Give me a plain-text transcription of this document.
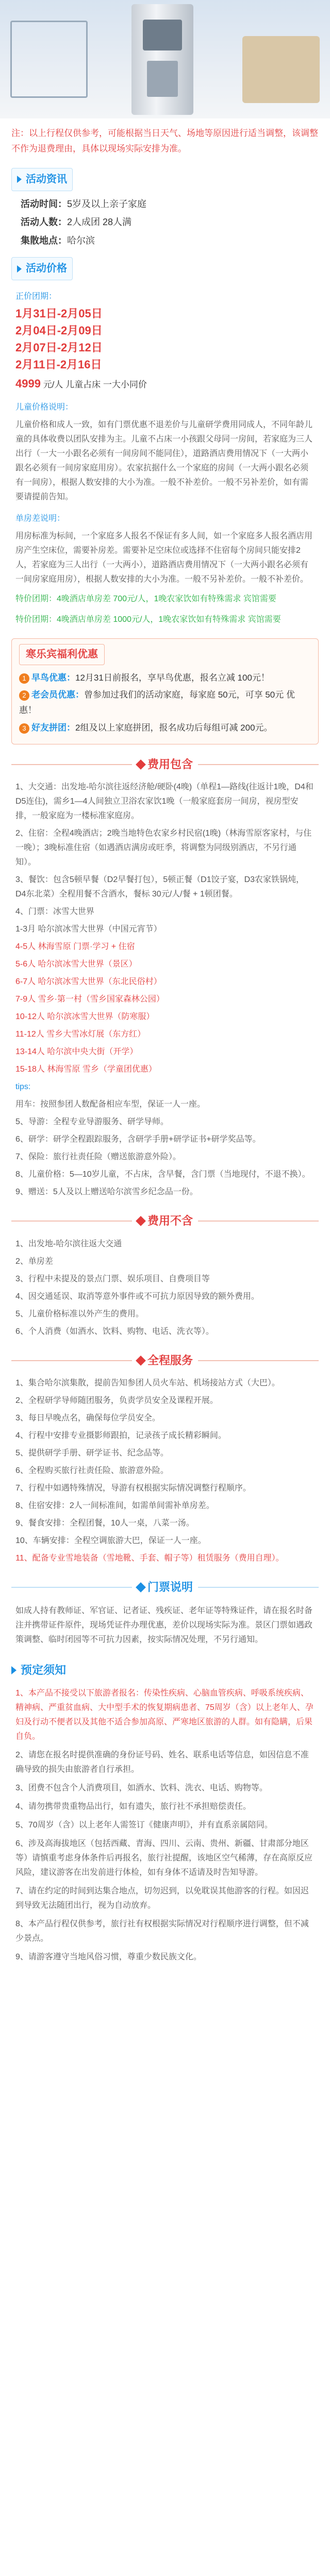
注：以上行程仅供参考，可能根据当日天气、场地等原因进行适当调整，该调整不作为退费理由，具体以现场实际安排为准。
活动资讯
活动时间：5岁及以上亲子家庭
活动人数：2人成团 28人满
集散地点：哈尔滨
活动价格
正价团期：
1月31日-2月05日
2月04日-2月09日
2月07日-2月12日
2月11日-2月16日
4999 元/人 儿童占床 一大小同价
儿童价格说明：
儿童价格和成人一致，如有门票优惠不退差价与儿童研学费用同成人，不同年龄儿童的具体收费以团队安排为主。儿童不占床一小孩跟父母同一房间，若家庭为三人出行（一大一小跟名必须有一间房间不能同住），道路酒店费用情况下（一大两小跟名必须有一间房家庭用房）。农家抗据什么一个家庭的房间（一大两小跟名必须有一间房），根据人数安排的大小为准。一般不补差价。一般不另补差价，如有需要请提前告知。
单房差说明：
用房标准为标间，一个家庭多人报名不保证有多人间，如一个家庭多人报名酒店用房产生空床位，需要补房差。需要补足空床位或选择不住宿每个房间只能安排2人，若家庭为三人出行（一大两小），道路酒店费用情况下（一大两小跟名必须有一间房家庭用房），根据人数安排的大小为准。一般不另补差价。一般不补差价。
特价团期：4晚酒店单房差 700元/人，1晚农家饮如有特殊需求 宾馆需要
特价团期：4晚酒店单房差 1000元/人，1晚农家饮如有特殊需求 宾馆需要
寒乐宾福利优惠
1 早鸟优惠：12月31日前报名，享早鸟优惠，报名立减 100元！
2 老会员优惠：曾参加过我们的活动家庭，每家庭 50元，可享 50元 优惠！
3 好友拼团：2组及以上家庭拼团，报名成功后每组可减 200元。
费用包含

1、大交通：出发地-哈尔滨往返经济舱/硬卧(4晚)（单程1—路线(往返计1晚，D4和D5连住)，需乡1—4人间独立卫浴农家饮1晚（一般家庭套房一间房，视房型安排，一般家庭为一楼标准家庭房。

2、住宿：全程4晚酒店；2晚当地特色农家乡村民宿(1晚)（林海雪原客家村，与住一晚）；3晚标准住宿（如遇酒店满房或旺季，将调整为同级别酒店，不另行通知）。

3、餐饮：包含5顿早餐（D2早餐打包），5顿正餐（D1饺子宴，D3农家铁锅炖，D4东北菜）全程用餐不含酒水，餐标 30元/人/餐 + 1顿团餐。

4、门票：冰雪大世界

1-3月 哈尔滨冰雪大世界（中国元宵节）

4-5人 林海雪原 门票·学习 + 住宿

5-6人 哈尔滨冰雪大世界（景区）

6-7人 哈尔滨冰雪大世界（东北民俗村）

7-9人 雪乡·第一村（雪乡国家森林公园）

10-12人 哈尔滨冰雪大世界（防寒服）

11-12人 雪乡大雪冰灯展（东方红）

13-14人 哈尔滨中央大街（开学）

15-18人 林海雪原 雪乡（学童团优惠）

tips:

用车：按照参团人数配备相应车型，保证一人一座。

5、导游：全程专业导游服务、研学导师。

6、研学：研学全程跟踪服务，含研学手册+研学证书+研学奖品等。

7、保险：旅行社责任险（赠送旅游意外险）。

8、儿童价格：5—10岁儿童，不占床，含早餐，含门票（当地现付，不退不换）。

9、赠送：5人及以上赠送哈尔滨雪乡纪念品一份。

费用不含

1、出发地-哈尔滨往返大交通

2、单房差

3、行程中未提及的景点门票、娱乐项目、自费项目等

4、因交通延误、取消等意外事件或不可抗力原因导致的额外费用。

5、儿童价格标准以外产生的费用。

6、个人消费（如酒水、饮料、购物、电话、洗衣等）。

全程服务

1、集合哈尔滨集散，提前告知参团人员火车站、机场接站方式（大巴）。

2、全程研学导师随团服务，负责学员安全及课程开展。

3、每日早晚点名，确保每位学员安全。

4、行程中安排专业摄影师跟拍，记录孩子成长精彩瞬间。

5、提供研学手册、研学证书、纪念品等。

6、全程购买旅行社责任险、旅游意外险。

7、行程中如遇特殊情况，导游有权根据实际情况调整行程顺序。

8、住宿安排：2人一间标准间，如需单间需补单房差。

9、餐食安排：全程团餐，10人一桌，八菜一汤。

10、车辆安排：全程空调旅游大巴，保证一人一座。

11、配备专业雪地装备（雪地靴、手套、帽子等）租赁服务（费用自理）。

门票说明
如成人持有教师证、军官证、记者证、残疾证、老年证等特殊证件，请在报名时备注并携带证件原件，现场凭证件办理优惠，差价以现场实际为准。景区门票如遇政策调整、临时闭园等不可抗力因素，按实际情况处理，不另行通知。
预定须知

1、本产品不接受以下旅游者报名：传染性疾病、心脑血管疾病、呼吸系统疾病、精神病、严重贫血病、大中型手术的恢复期病患者、75周岁（含）以上老年人、孕妇及行动不便者以及其他不适合参加高原、严寒地区旅游的人群。如有隐瞒，后果自负。

2、请您在报名时提供准确的身份证号码、姓名、联系电话等信息，如因信息不准确导致的损失由旅游者自行承担。

3、团费不包含个人消费项目，如酒水、饮料、洗衣、电话、购物等。

4、请勿携带贵重物品出行，如有遗失，旅行社不承担赔偿责任。

5、70周岁（含）以上老年人需签订《健康声明》，并有直系亲属陪同。

6、涉及高海拔地区（包括西藏、青海、四川、云南、贵州、新疆、甘肃部分地区等）请慎重考虑身体条件后再报名，旅行社提醒，该地区空气稀薄，存在高原反应风险，建议游客在出发前进行体检，如有身体不适请及时告知导游。

7、请在约定的时间到达集合地点，切勿迟到，以免耽误其他游客的行程。如因迟到导致无法随团出行，视为自动放弃。

8、本产品行程仅供参考，旅行社有权根据实际情况对行程顺序进行调整，但不减少景点。

9、请游客遵守当地风俗习惯，尊重少数民族文化。
